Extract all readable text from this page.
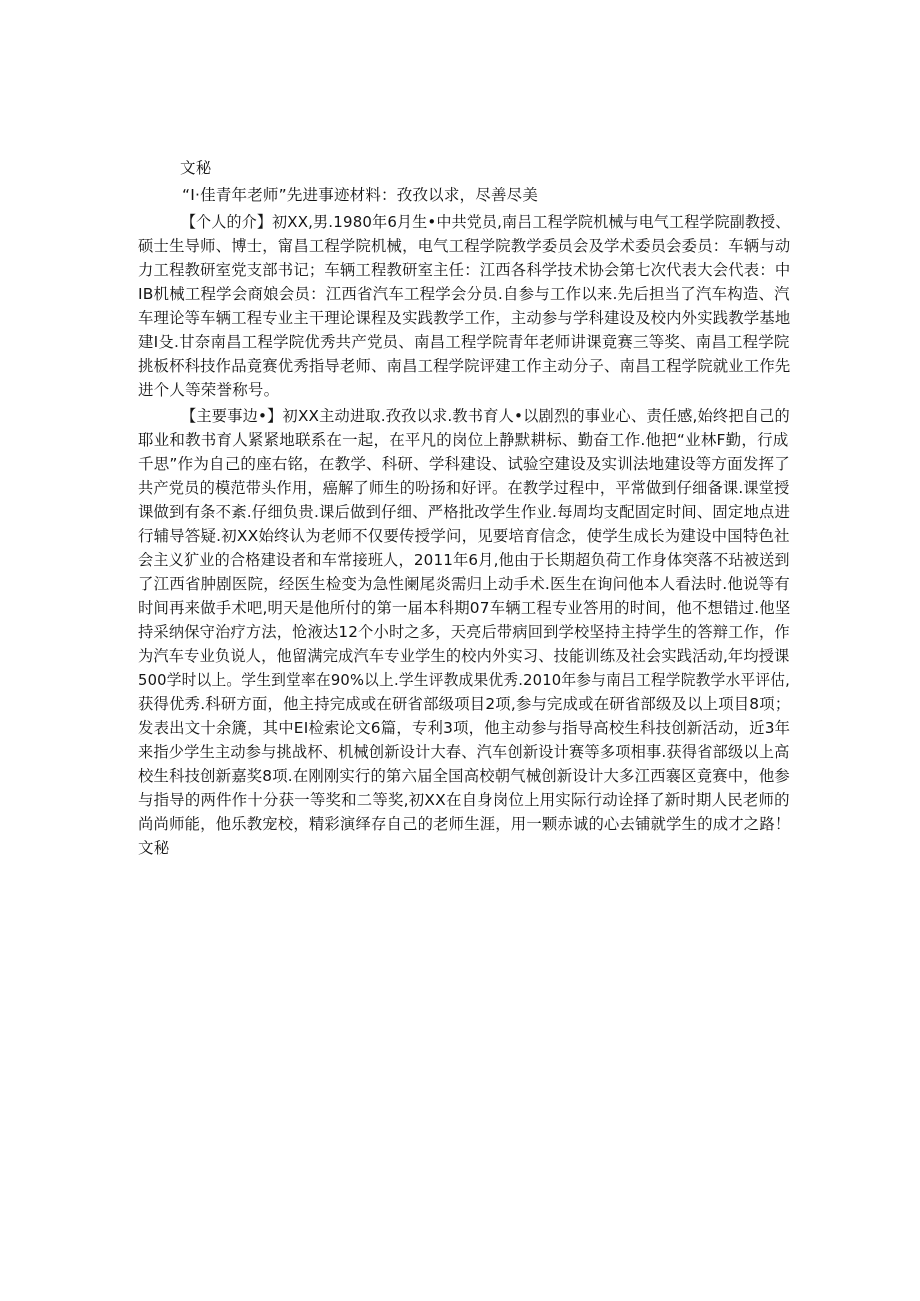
文秘
“I·佳青年老师”先进事迹材料：孜孜以求，尽善尽美
【个人的介】初XX,男.1980年6月生•中共党员,南吕工程学院机械与电气工程学院副教授、
硕士生导师、博士，甯昌工程学院机械，电气工程学院教学委员会及学术委员会委员：车辆与动
力工程教研室党支部书记；车辆工程教研室主任：江西各科学技术协会第七次代表大会代表：中
IB机械工程学会商娘会员：江西省汽车工程学会分员.自参与工作以来.先后担当了汽车构造、汽
车理论等车辆工程专业主干理论课程及实践教学工作，主动参与学科建设及校内外实践教学基地
建I殳.甘奈南昌工程学院优秀共产党员、南昌工程学院青年老师讲课竟赛三等奖、南昌工程学院
挑板杯科技作品竟赛优秀指导老师、南昌工程学院评建工作主动分子、南昌工程学院就业工作先
进个人等荣誉称号。
【主要事边•】初XX主动进取.孜孜以求.教书育人•以剧烈的事业心、责任感,始终把自己的
耶业和教书育人紧紧地联系在一起，在平凡的岗位上静默耕标、勤奋工作.他把“业林F勤，行成
千思”作为自己的座右铭，在教学、科研、学科建设、试验空建设及实训法地建设等方面发挥了
共产党员的模范带头作用，癌解了师生的吩扬和好评。在教学过程中，平常做到仔细备课.课堂授
课做到有条不紊.仔细负贵.课后做到仔细、严格批改学生作业.每周均支配固定时间、固定地点进
行辅导答疑.初XX始终认为老师不仅要传授学问，见要培育信念，使学生成长为建设中国特色社
会主义犷业的合格建设者和车常接班人，2011年6月,他由于长期超负荷工作身体突落不玷被送到
了江西省肿剧医院，经医生检变为急性阑尾炎需归上动手术.医生在询问他本人看法时.他说等有
时间再来做手术吧,明天是他所付的第一届本科期07车辆工程专业答用的时间，他不想错过.他坚
持采纳保守治疗方法，怆液达12个小时之多，天亮后带病回到学校坚持主持学生的答辩工作，作
为汽车专业负说人，他留满完成汽车专业学生的校内外实习、技能训练及社会实践活动,年均授课
500学时以上。学生到堂率在90%以上.学生评教成果优秀.2010年参与南吕工程学院教学水平评估,
获得优秀.科研方面，他主持完成或在研省部级项目2项,参与完成或在研省部级及以上项目8项；
发表出文十余篪，其中EI检索论文6篇，专利3项，他主动参与指导高校生科技创新活动，近3年
来指少学生主动参与挑战杯、机械创新设计大春、汽车创新设计赛等多项相事.获得省部级以上高
校生科技创新嘉奖8项.在刚刚实行的第六届全国高校朝气械创新设计大多江西褰区竟赛中，他参
与指导的两件作十分获一等奖和二等奖,初XX在自身岗位上用实际行动诠择了新时期人民老师的
尚尚师能，他乐教宠校，精彩演绎存自己的老师生涯，用一颗赤诚的心去铺就学生的成才之路！
文秘
